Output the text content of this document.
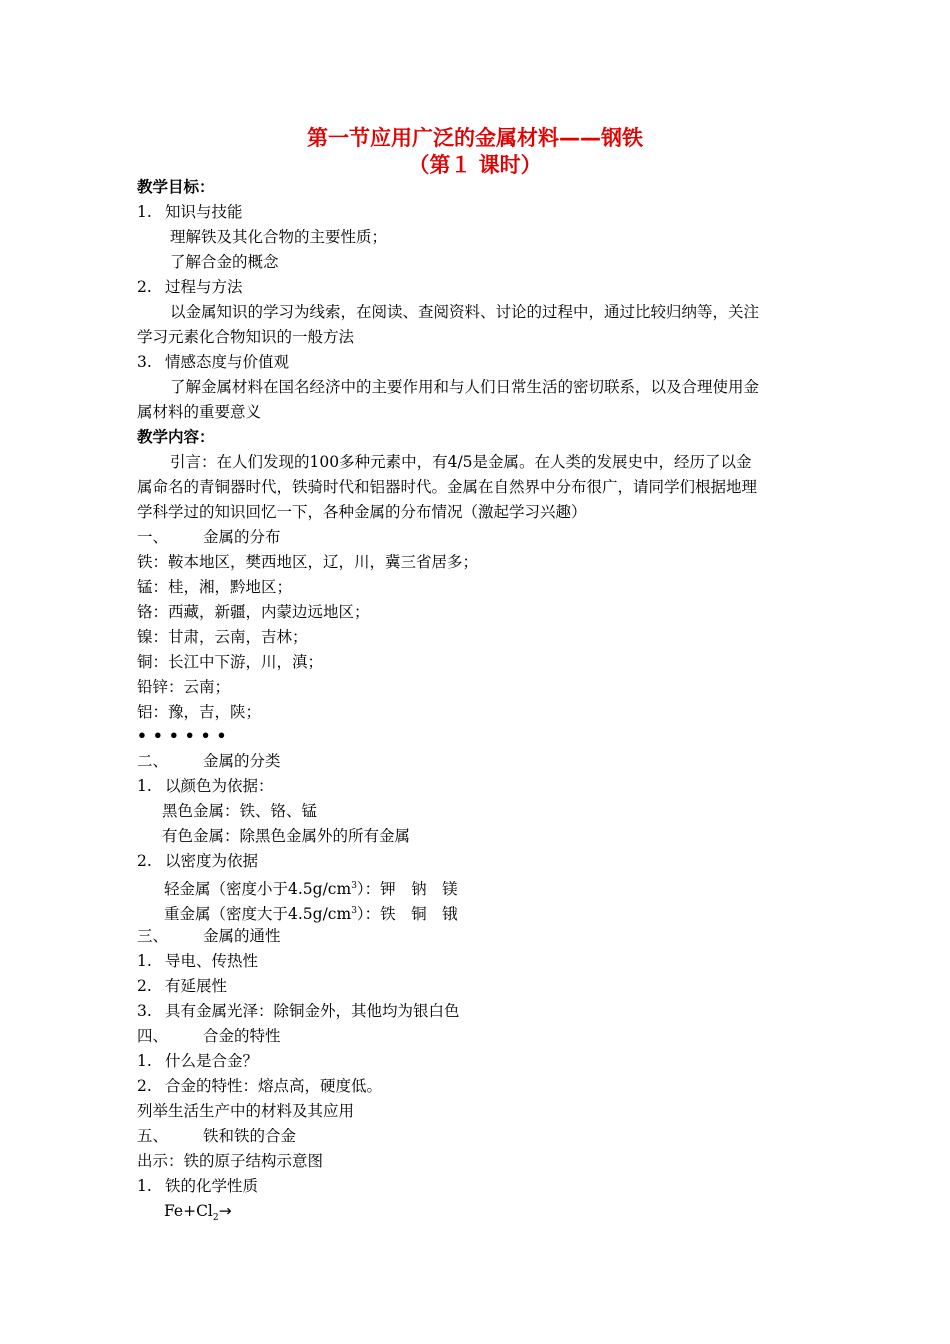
第一节应用广泛的金属材料——钢铁
（第１ 课时）
教学目标：
1. 知识与技能
理解铁及其化合物的主要性质；
了解合金的概念
2. 过程与方法
以金属知识的学习为线索，在阅读、查阅资料、讨论的过程中，通过比较归纳等，关注
学习元素化合物知识的一般方法
3. 情感态度与价值观
了解金属材料在国名经济中的主要作用和与人们日常生活的密切联系，以及合理使用金
属材料的重要意义
教学内容：
引言：在人们发现的100多种元素中，有4/5是金属。在人类的发展史中，经历了以金
属命名的青铜器时代，铁骑时代和铝器时代。金属在自然界中分布很广，请同学们根据地理
学科学过的知识回忆一下，各种金属的分布情况（激起学习兴趣）
一、 金属的分布
铁：鞍本地区，樊西地区，辽，川，冀三省居多；
锰：桂，湘，黔地区；
铬：西藏，新疆，内蒙边远地区；
镍：甘肃，云南，吉林；
铜：长江中下游，川，滇；
铅锌：云南；
铝：豫，吉，陕；
••••••
二、 金属的分类
1. 以颜色为依据：
黑色金属：铁、铬、锰
有色金属：除黑色金属外的所有金属
2. 以密度为依据
轻金属（密度小于$4.5g/cm^3$）：钾　钠　镁
重金属（密度大于$4.5g/cm^3$）：铁　铜　锇
三、 金属的通性
1. 导电、传热性
2. 有延展性
3. 具有金属光泽：除铜金外，其他均为银白色
四、 合金的特性
1. 什么是合金？
2. 合金的特性：熔点高，硬度低。
列举生活生产中的材料及其应用
五、 铁和铁的合金
出示：铁的原子结构示意图
1. 铁的化学性质
$Fe+Cl_2\to$
